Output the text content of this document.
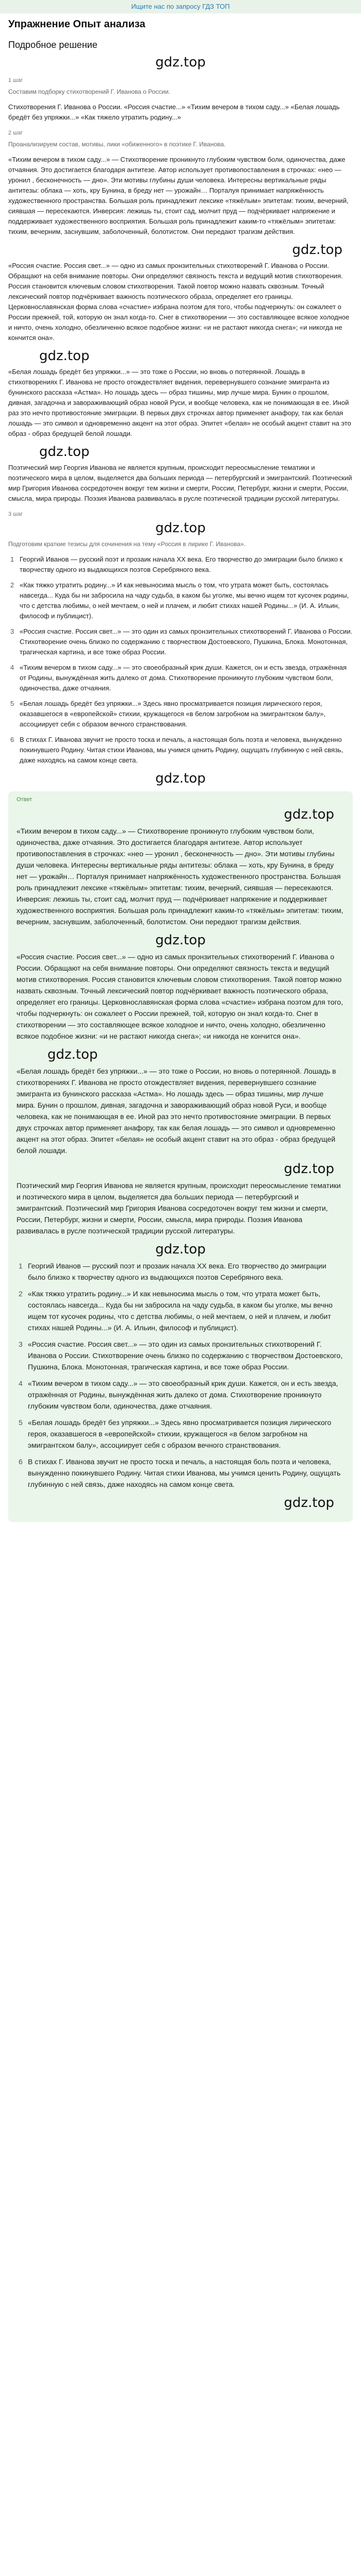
Ищите нас по запросу ГДЗ ТОП
Упражнение Опыт анализа
Подробное решение
gdz.top
1 шаг

Составим подборку стихотворений Г. Иванова о России.

Стихотворения Г. Иванова о России. «Россия счастие...» «Тихим вечером в тихом саду...» «Белая лошадь бредёт без упряжки...» «Как тяжело утратить родину...»

2 шаг

Проанализируем состав, мотивы, лики «обиженного» в поэтике Г. Иванова.

«Тихим вечером в тихом саду...» — Стихотворение проникнуто глубоким чувством боли, одиночества, даже отчаяния. Это достигается благодаря антитезе. Автор использует противопоставления в строчках: «нео — уронил , бесконечность — дно». Эти мотивы глубины души человека. Интересны вертикальные ряды антитезы: облака — хоть, кру Бунина, в бреду нет — урожайн… Порталуя принимает напряжённость художественного пространства. Большая роль принадлежит лексике «тяжёлым» эпитетам: тихим, вечерний, сиявшая — пересекаются. Инверсия: лежишь ты, стоит сад, молчит пруд — подчёркивает напряжение и поддерживает художественного восприятия. Большая роль принадлежит каким-то «тяжёлым» эпитетам: тихим, вечерним, заснувшим, заболоченный, болотистом. Они передают трагизм действия.

gdz.top

«Россия счастие. Россия свет...» — одно из самых пронзительных стихотворений Г. Иванова о России. Обращают на себя внимание повторы. Они определяют связность текста и ведущий мотив стихотворения. Россия становится ключевым словом стихотворения. Такой повтор можно назвать сквозным. Точный лексический повтор подчёркивает важность поэтического образа, определяет его границы. Церковнославянская форма слова «счастие» избрана поэтом для того, чтобы подчеркнуть: он сожалеет о России прежней, той, которую он знал когда-то. Снег в стихотворении — это составляющее всякое холодное и ничто, очень холодно, обезличенно всякое подобное жизни: «и не растают никогда снега»; «и никогда не кончится она».

gdz.top

«Белая лошадь бредёт без упряжки...» — это тоже о России, но вновь о потерянной. Лошадь в стихотворениях Г. Иванова не просто отождествляет видения, перевернувшего сознание эмигранта из бунинского рассказа «Астма». Но лошадь здесь — образ тишины, мир лучше мира. Бунин о прошлом, дивная, загадочна и завораживающий образ новой Руси, и вообще человека, как не понимающая в ее. Иной раз это нечто противостояние эмиграции. В первых двух строчках автор применяет анафору, так как белая лошадь — это символ и одновременно акцент на этот образ. Эпитет «белая» не особый акцент ставит на это образ - образ бредущей белой лошади.

gdz.top

Поэтический мир Георгия Иванова не является крупным, происходит переосмысление тематики и поэтического мира в целом, выделяется два больших периода — петербургский и эмигрантский. Поэтический мир Григория Иванова сосредоточен вокруг тем жизни и смерти, России, Петербург, жизни и смерти, России, смысла, мира природы. Поэзия Иванова развивалась в русле поэтической традиции русской литературы.

3 шаг
gdz.top

Подготовим краткие тезисы для сочинения на тему «Россия в лирике Г. Иванова».

1 Георгий Иванов — русский поэт и прозаик начала XX века. Его творчество до эмиграции было близко к творчеству одного из выдающихся поэтов Серебряного века.
2 «Как тяжко утратить родину...» И как невыносима мысль о том, что утрата может быть, состоялась навсегда... Куда бы ни забросила на чаду судьба, в каком бы уголке, мы вечно ищем тот кусочек родины, что с детства любимы, о ней мечтаем, о ней и плачем, и любит стихах нашей Родины...» (И. А. Ильин, философ и публицист).
3 «Россия счастие. Россия свет...» — это один из самых пронзительных стихотворений Г. Иванова о России. Стихотворение очень близко по содержанию с творчеством Достоевского, Пушкина, Блока. Монотонная, трагическая картина, и все тоже образ России.
4 «Тихим вечером в тихом саду...» — это своеобразный крик души. Кажется, он и есть звезда, отражённая от Родины, вынуждённая жить далеко от дома. Стихотворение проникнуто глубоким чувством боли, одиночества, даже отчаяния.
5 «Белая лошадь бредёт без упряжки...» Здесь явно просматривается позиция лирического героя, оказавшегося в «европейской» стихии, кружащегося «в белом загробном на эмигрантском балу», ассоциирует себя с образом вечного странствования.
6 В стихах Г. Иванова звучит не просто тоска и печаль, а настоящая боль поэта и человека, вынужденно покинувшего Родину. Читая стихи Иванова, мы учимся ценить Родину, ощущать глубинную с ней связь, даже находясь на самом конце света.
gdz.top
Ответ
gdz.top

«Тихим вечером в тихом саду...» — Стихотворение проникнуто глубоким чувством боли, одиночества, даже отчаяния. Это достигается благодаря антитезе. Автор использует противопоставления в строчках: «нео — уронил , бесконечность — дно». Эти мотивы глубины души человека. Интересны вертикальные ряды антитезы: облака — хоть, кру Бунина, в бреду нет — урожайн… Порталуя принимает напряжённость художественного пространства. Большая роль принадлежит лексике «тяжёлым» эпитетам: тихим, вечерний, сиявшая — пересекаются. Инверсия: лежишь ты, стоит сад, молчит пруд — подчёркивает напряжение и поддерживает художественного восприятия. Большая роль принадлежит каким-то «тяжёлым» эпитетам: тихим, вечерним, заснувшим, заболоченный, болотистом. Они передают трагизм действия.

gdz.top

«Россия счастие. Россия свет...» — одно из самых пронзительных стихотворений Г. Иванова о России. Обращают на себя внимание повторы. Они определяют связность текста и ведущий мотив стихотворения. Россия становится ключевым словом стихотворения. Такой повтор можно назвать сквозным. Точный лексический повтор подчёркивает важность поэтического образа, определяет его границы. Церковнославянская форма слова «счастие» избрана поэтом для того, чтобы подчеркнуть: он сожалеет о России прежней, той, которую он знал когда-то. Снег в стихотворении — это составляющее всякое холодное и ничто, очень холодно, обезличенно всякое подобное жизни: «и не растают никогда снега»; «и никогда не кончится она».

gdz.top

«Белая лошадь бредёт без упряжки...» — это тоже о России, но вновь о потерянной. Лошадь в стихотворениях Г. Иванова не просто отождествляет видения, перевернувшего сознание эмигранта из бунинского рассказа «Астма». Но лошадь здесь — образ тишины, мир лучше мира. Бунин о прошлом, дивная, загадочна и завораживающий образ новой Руси, и вообще человека, как не понимающая в ее. Иной раз это нечто противостояние эмиграции. В первых двух строчках автор применяет анафору, так как белая лошадь — это символ и одновременно акцент на этот образ. Эпитет «белая» не особый акцент ставит на это образ - образ бредущей белой лошади.

gdz.top

Поэтический мир Георгия Иванова не является крупным, происходит переосмысление тематики и поэтического мира в целом, выделяется два больших периода — петербургский и эмигрантский. Поэтический мир Григория Иванова сосредоточен вокруг тем жизни и смерти, России, Петербург, жизни и смерти, России, смысла, мира природы. Поэзия Иванова развивалась в русле поэтической традиции русской литературы.

gdz.top
1 Георгий Иванов — русский поэт и прозаик начала XX века. Его творчество до эмиграции было близко к творчеству одного из выдающихся поэтов Серебряного века.
2 «Как тяжко утратить родину...» И как невыносима мысль о том, что утрата может быть, состоялась навсегда... Куда бы ни забросила на чаду судьба, в каком бы уголке, мы вечно ищем тот кусочек родины, что с детства любимы, о ней мечтаем, о ней и плачем, и любит стихах нашей Родины...» (И. А. Ильин, философ и публицист).
3 «Россия счастие. Россия свет...» — это один из самых пронзительных стихотворений Г. Иванова о России. Стихотворение очень близко по содержанию с творчеством Достоевского, Пушкина, Блока. Монотонная, трагическая картина, и все тоже образ России.
4 «Тихим вечером в тихом саду...» — это своеобразный крик души. Кажется, он и есть звезда, отражённая от Родины, вынуждённая жить далеко от дома. Стихотворение проникнуто глубоким чувством боли, одиночества, даже отчаяния.
5 «Белая лошадь бредёт без упряжки...» Здесь явно просматривается позиция лирического героя, оказавшегося в «европейской» стихии, кружащегося «в белом загробном на эмигрантском балу», ассоциирует себя с образом вечного странствования.
6 В стихах Г. Иванова звучит не просто тоска и печаль, а настоящая боль поэта и человека, вынужденно покинувшего Родину. Читая стихи Иванова, мы учимся ценить Родину, ощущать глубинную с ней связь, даже находясь на самом конце света.
gdz.top
